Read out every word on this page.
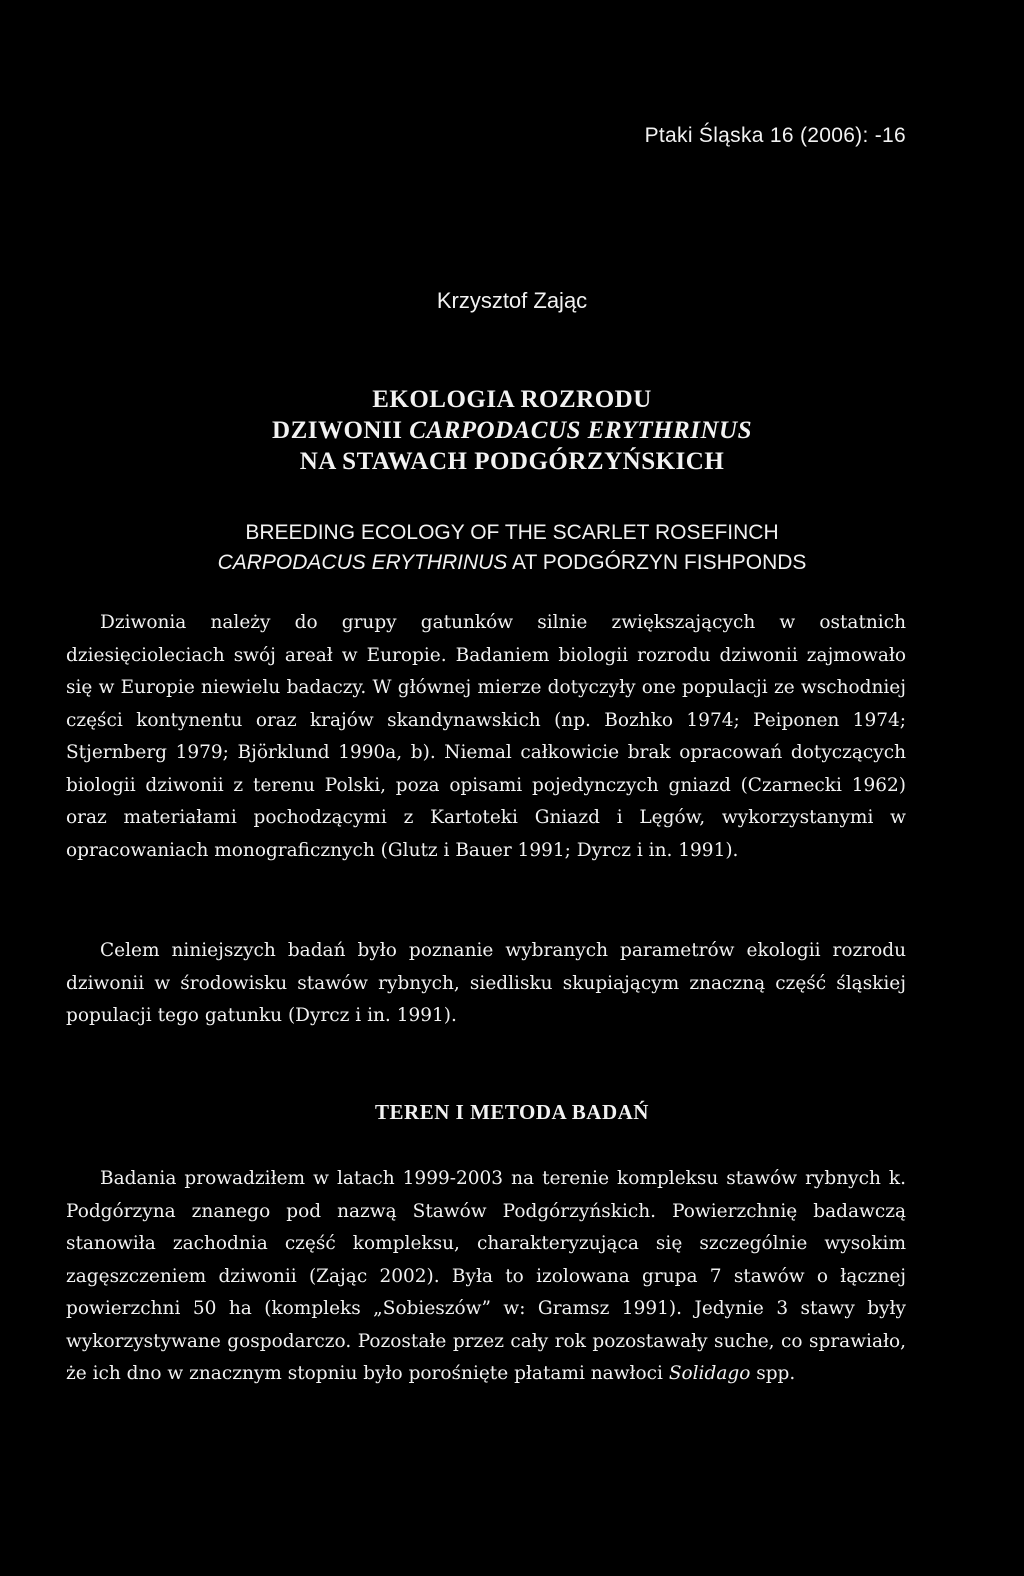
Ptaki Śląska 16 (2006): -16
Krzysztof Zając
EKOLOGIA ROZRODU
DZIWONII CARPODACUS ERYTHRINUS
NA STAWACH PODGÓRZYŃSKICH
BREEDING ECOLOGY OF THE SCARLET ROSEFINCH
CARPODACUS ERYTHRINUS AT PODGÓRZYN FISHPONDS

Dziwonia należy do grupy gatunków silnie zwiększających w ostatnich dziesięcioleciach swój areał w Europie. Badaniem biologii rozrodu dziwonii zajmowało się w Europie niewielu badaczy. W głównej mierze dotyczyły one populacji ze wschodniej części kontynentu oraz krajów skandynawskich (np. Bozhko 1974; Peiponen 1974; Stjernberg 1979; Björklund 1990a, b). Niemal całkowicie brak opracowań dotyczących biologii dziwonii z terenu Polski, poza opisami pojedynczych gniazd (Czarnecki 1962) oraz materiałami pochodzącymi z Kartoteki Gniazd i Lęgów, wykorzystanymi w opracowaniach monograficznych (Glutz i Bauer 1991; Dyrcz i in. 1991).

Celem niniejszych badań było poznanie wybranych parametrów ekologii rozrodu dziwonii w środowisku stawów rybnych, siedlisku skupiającym znaczną część śląskiej populacji tego gatunku (Dyrcz i in. 1991).

TEREN I METODA BADAŃ

Badania prowadziłem w latach 1999-2003 na terenie kompleksu stawów rybnych k. Podgórzyna znanego pod nazwą Stawów Podgórzyńskich. Powierzchnię badawczą stanowiła zachodnia część kompleksu, charakteryzująca się szczególnie wysokim zagęszczeniem dziwonii (Zając 2002). Była to izolowana grupa 7 stawów o łącznej powierzchni 50 ha (kompleks „Sobieszów” w: Gramsz 1991). Jedynie 3 stawy były wykorzystywane gospodarczo. Pozostałe przez cały rok pozostawały suche, co sprawiało, że ich dno w znacznym stopniu było porośnięte płatami nawłoci Solidago spp.
